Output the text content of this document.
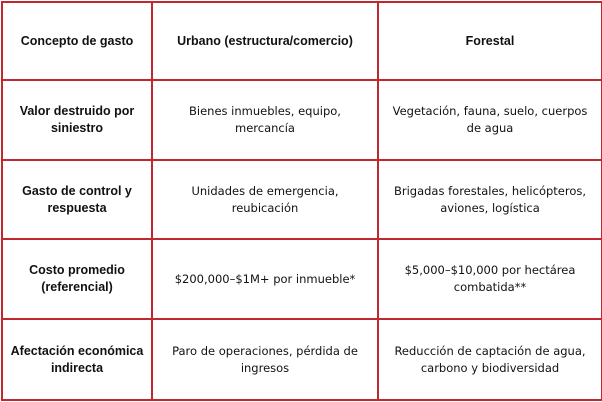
Concepto de gasto	Urbano (estructura/comercio)	Forestal
Valor destruido por siniestro	Bienes inmuebles, equipo, mercancía	Vegetación, fauna, suelo, cuerpos de agua
Gasto de control y respuesta	Unidades de emergencia, reubicación	Brigadas forestales, helicópteros, aviones, logística
Costo promedio (referencial)	$200,000–$1M+ por inmueble*	$5,000–$10,000 por hectárea combatida**
Afectación económica indirecta	Paro de operaciones, pérdida de ingresos	Reducción de captación de agua, carbono y biodiversidad
